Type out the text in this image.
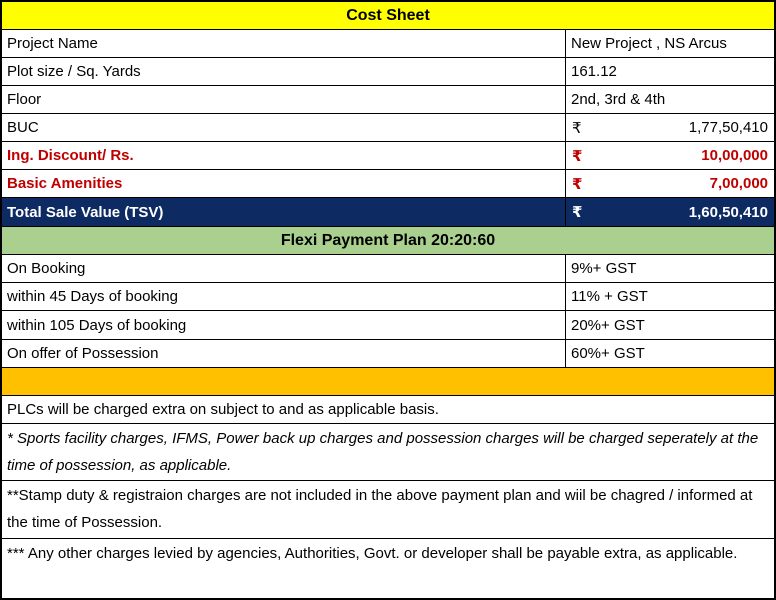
Cost Sheet
Project Name	New Project , NS Arcus
Plot size / Sq. Yards	161.12
Floor	2nd, 3rd & 4th
BUC	₹	1,77,50,410
Ing. Discount/ Rs.	₹	10,00,000
Basic Amenities	₹	7,00,000
Total Sale Value (TSV)	₹	1,60,50,410
Flexi Payment Plan 20:20:60
On Booking	9%+ GST
within 45 Days of booking	11% + GST
within 105 Days of booking	20%+ GST
On offer of Possession	60%+ GST
PLCs will be charged extra on subject to and as applicable basis.
* Sports facility charges, IFMS, Power back up charges and possession charges will be charged seperately at the time of possession, as applicable.
**Stamp duty & registraion charges are not included in the above payment plan and wiil be chagred / informed at the time of Possession.
*** Any other charges levied by agencies, Authorities, Govt. or developer shall be payable extra, as applicable.
